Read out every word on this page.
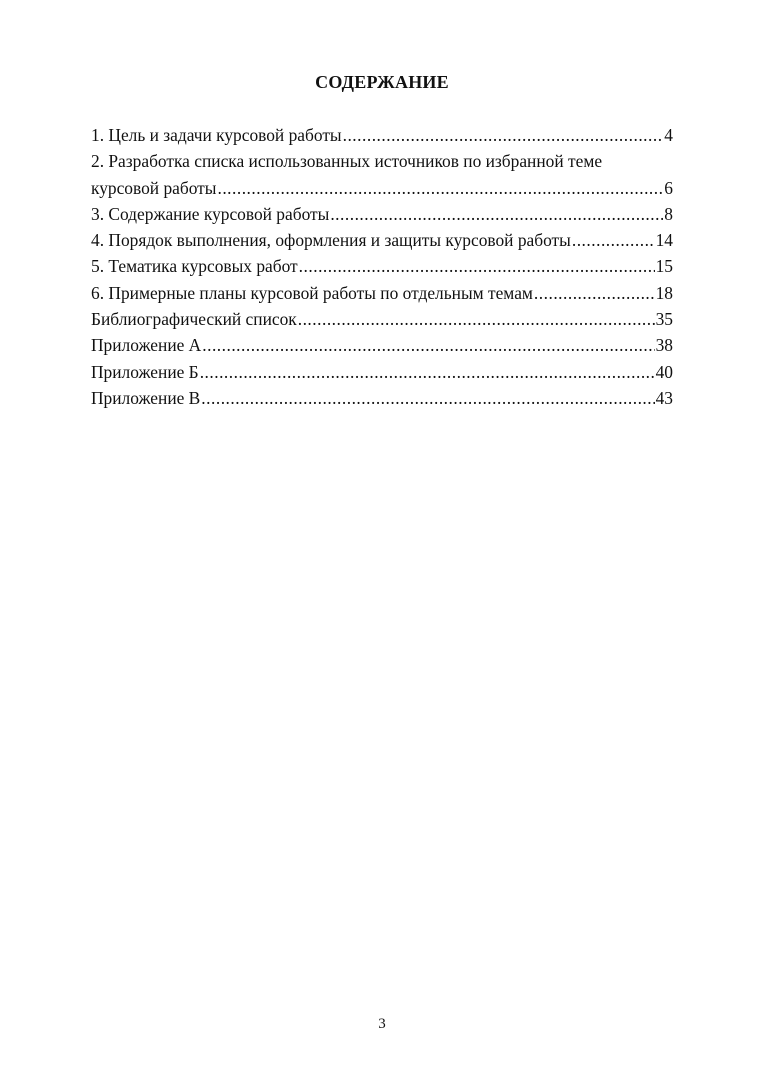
СОДЕРЖАНИЕ
1. Цель и задачи курсовой работы .....	4
2. Разработка списка использованных источников по избранной теме
курсовой работы .....	6
3. Содержание курсовой работы .....	8
4. Порядок выполнения, оформления и защиты курсовой работы .....	14
5. Тематика курсовых работ .....	15
6. Примерные планы курсовой работы по отдельным темам .....	18
Библиографический список .....	35
Приложение А .....	38
Приложение Б .....	40
Приложение В .....	43
3
